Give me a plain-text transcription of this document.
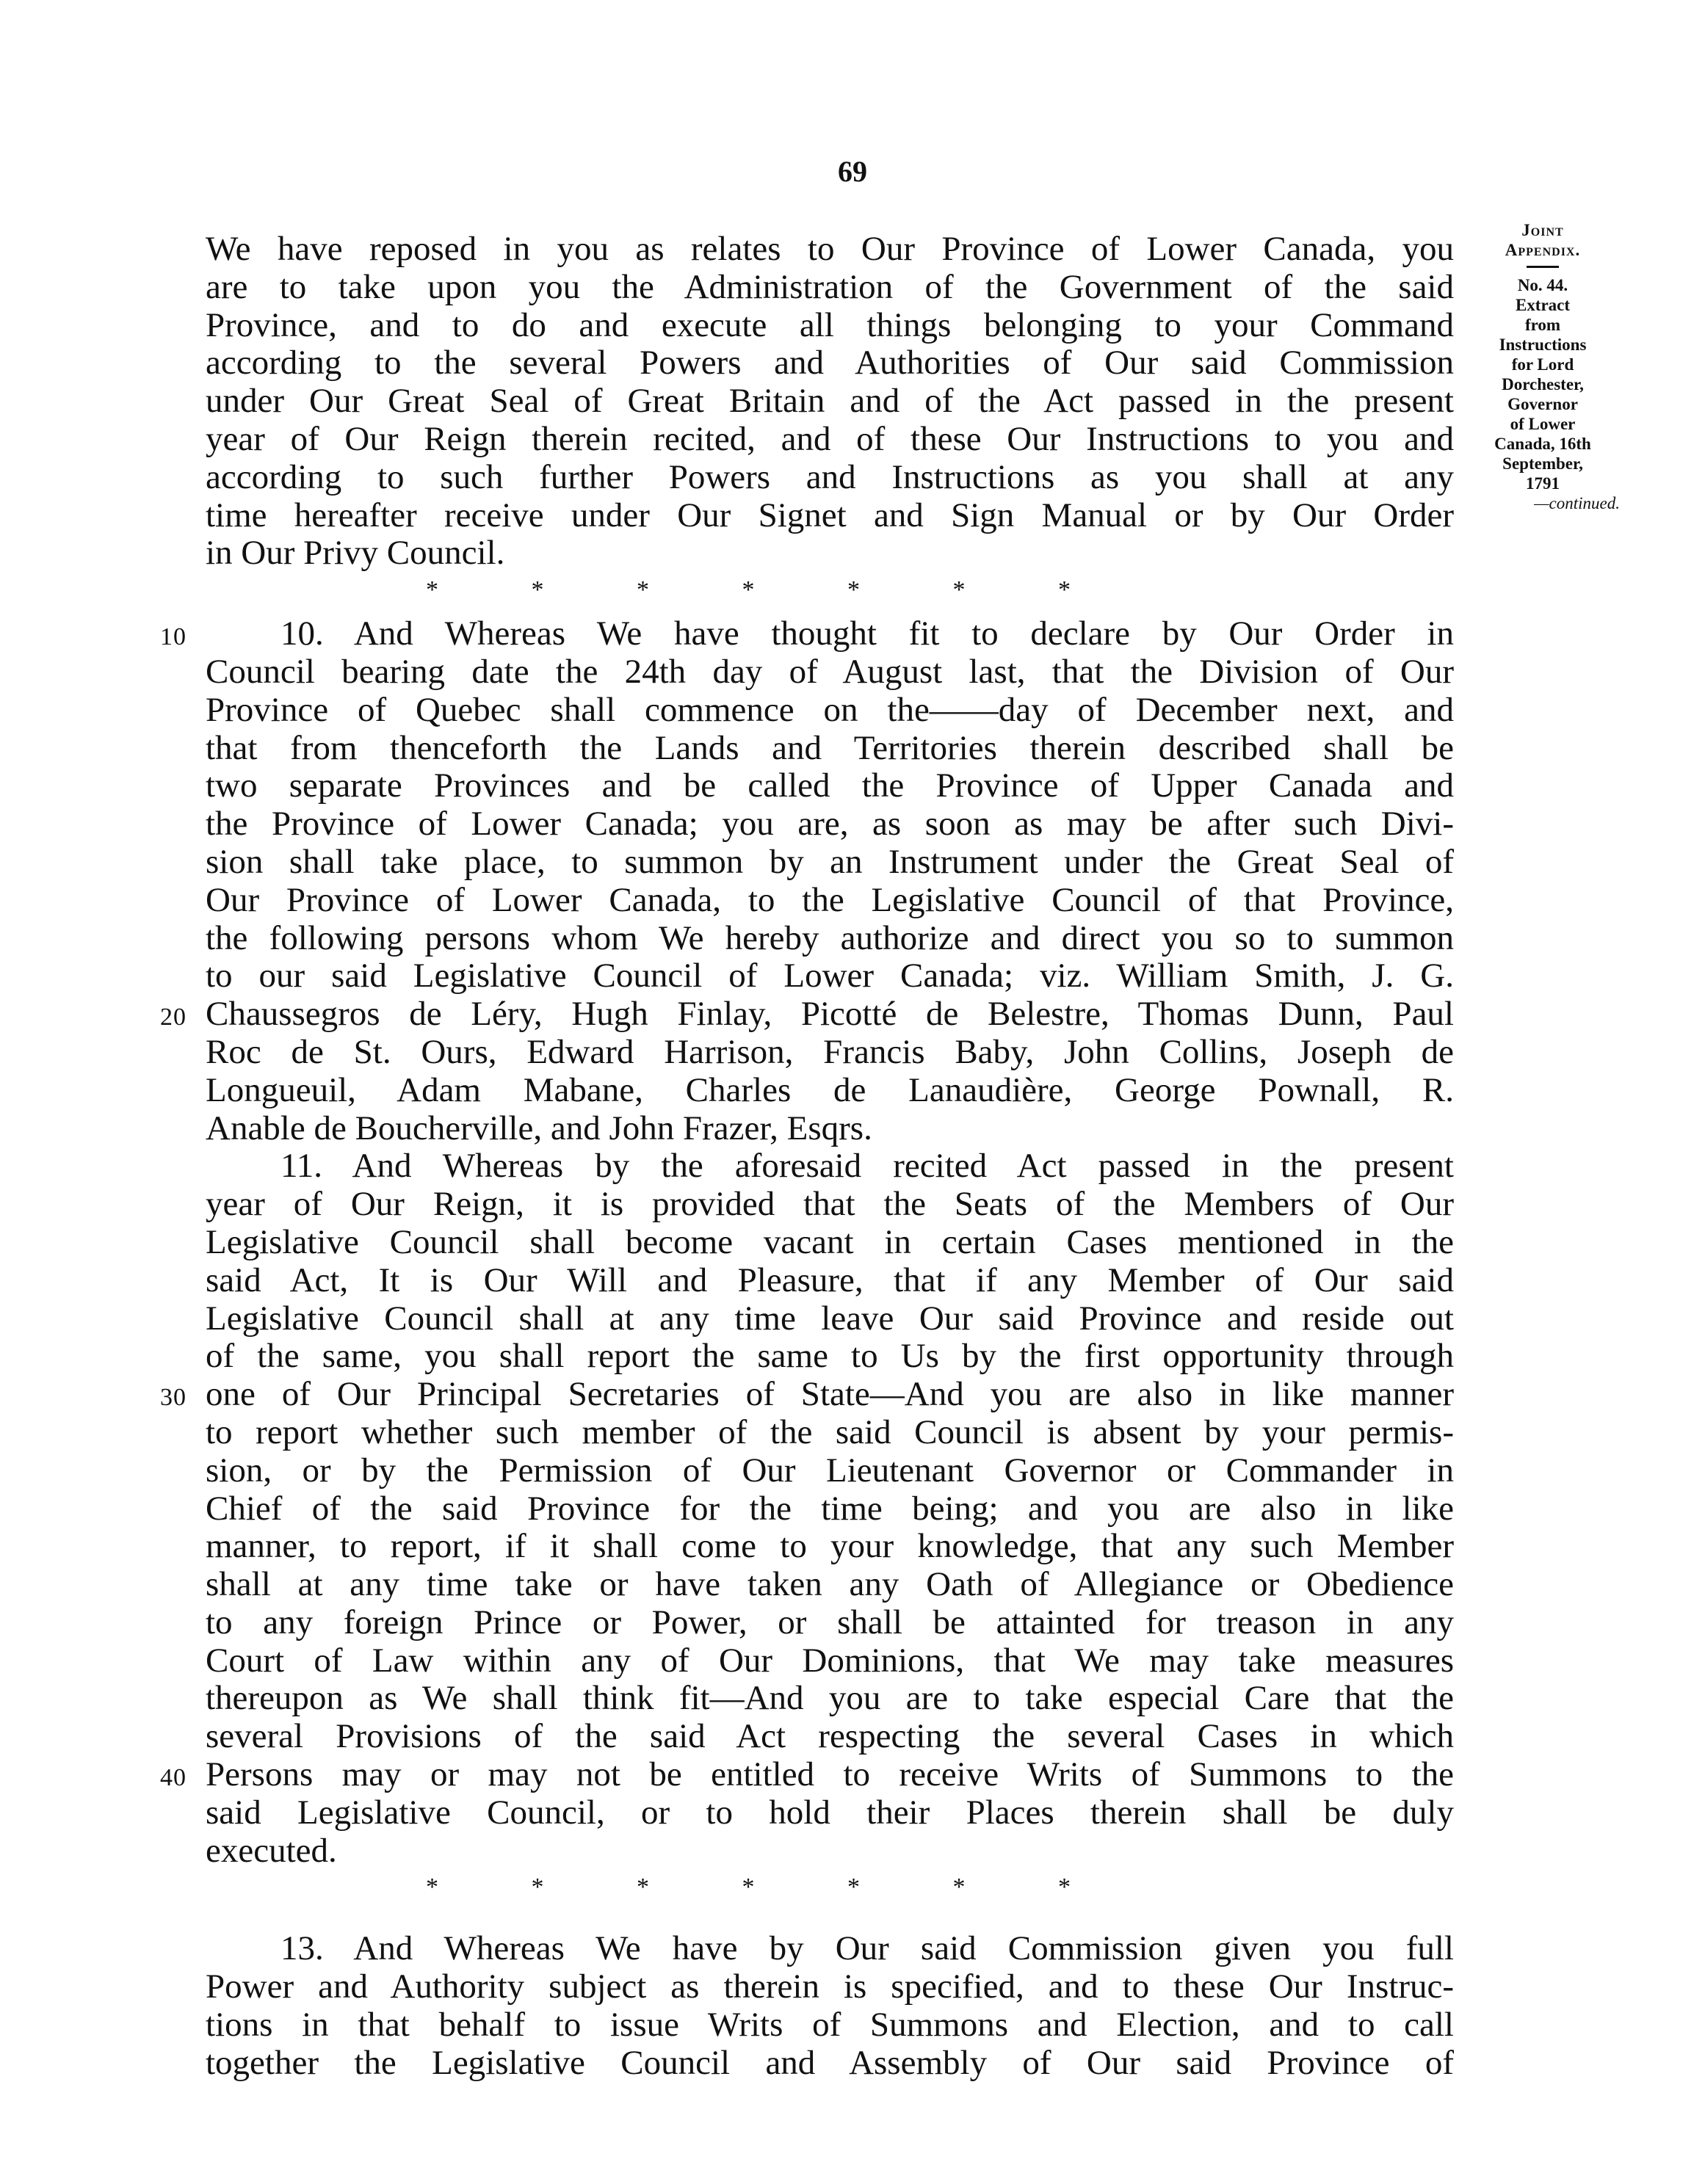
69
Joint
Appendix.
No. 44.
Extract
from
Instructions
for Lord
Dorchester,
Governor
of Lower
Canada, 16th
September,
1791
—continued.
We have reposed in you as relates to Our Province of Lower Canada, you
are to take upon you the Administration of the Government of the said
Province, and to do and execute all things belonging to your Command
according to the several Powers and Authorities of Our said Commission
under Our Great Seal of Great Britain and of the Act passed in the present
year of Our Reign therein recited, and of these Our Instructions to you and
according to such further Powers and Instructions as you shall at any
time hereafter receive under Our Signet and Sign Manual or by Our Order
in Our Privy Council.
* * * * * * *
10	10. And Whereas We have thought fit to declare by Our Order in
Council bearing date the 24th day of August last, that the Division of Our
Province of Quebec shall commence on the——day of December next, and
that from thenceforth the Lands and Territories therein described shall be
two separate Provinces and be called the Province of Upper Canada and
the Province of Lower Canada; you are, as soon as may be after such Divi-
sion shall take place, to summon by an Instrument under the Great Seal of
Our Province of Lower Canada, to the Legislative Council of that Province,
the following persons whom We hereby authorize and direct you so to summon
to our said Legislative Council of Lower Canada; viz. William Smith, J. G.
20 Chaussegros de Léry, Hugh Finlay, Picotté de Belestre, Thomas Dunn, Paul
Roc de St. Ours, Edward Harrison, Francis Baby, John Collins, Joseph de
Longueuil, Adam Mabane, Charles de Lanaudière, George Pownall, R.
Anable de Boucherville, and John Frazer, Esqrs.
11. And Whereas by the aforesaid recited Act passed in the present
year of Our Reign, it is provided that the Seats of the Members of Our
Legislative Council shall become vacant in certain Cases mentioned in the
said Act, It is Our Will and Pleasure, that if any Member of Our said
Legislative Council shall at any time leave Our said Province and reside out
of the same, you shall report the same to Us by the first opportunity through
30 one of Our Principal Secretaries of State—And you are also in like manner
to report whether such member of the said Council is absent by your permis-
sion, or by the Permission of Our Lieutenant Governor or Commander in
Chief of the said Province for the time being; and you are also in like
manner, to report, if it shall come to your knowledge, that any such Member
shall at any time take or have taken any Oath of Allegiance or Obedience
to any foreign Prince or Power, or shall be attainted for treason in any
Court of Law within any of Our Dominions, that We may take measures
thereupon as We shall think fit—And you are to take especial Care that the
several Provisions of the said Act respecting the several Cases in which
40 Persons may or may not be entitled to receive Writs of Summons to the
said Legislative Council, or to hold their Places therein shall be duly
executed.
* * * * * * *
13. And Whereas We have by Our said Commission given you full
Power and Authority subject as therein is specified, and to these Our Instruc-
tions in that behalf to issue Writs of Summons and Election, and to call
together the Legislative Council and Assembly of Our said Province of
